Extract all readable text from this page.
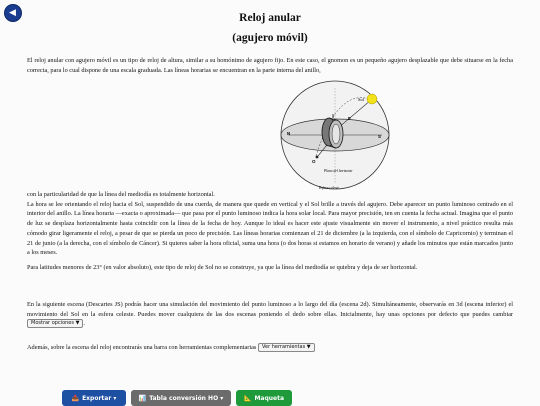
◀	Reloj anular
(agujero móvil)

El reloj anular con agujero móvil es un tipo de reloj de altura, similar a su homónimo de agujero fijo. En este caso, el gnomon es un pequeño agujero desplazable que debe situarse en la fecha correcta, para lo cual dispone de una escala graduada. Las líneas horarias se encuentran en la parte interna del anillo,

Sol
E
N
S
O
Plano del horizonte
Esfera celeste

con la particularidad de que la línea del mediodía es totalmente horizontal.
La hora se lee orientando el reloj hacia el Sol, suspendido de una cuerda, de manera que quede en vertical y el Sol brille a través del agujero. Debe aparecer un punto luminoso centrado en el interior del anillo. La línea horaria —exacta o aproximada— que pasa por el punto luminoso indica la hora solar local. Para mayor precisión, ten en cuenta la fecha actual. Imagina que el punto de luz se desplaza horizontalmente hasta coincidir con la línea de la fecha de hoy. Aunque lo ideal es hacer este ajuste visualmente sin mover el instrumento, a nivel práctico resulta más cómodo girar ligeramente el reloj, a pesar de que se pierda un poco de precisión. Las líneas horarias comienzan el 21 de diciembre (a la izquierda, con el símbolo de Capricornio) y terminan el 21 de junio (a la derecha, con el símbolo de Cáncer). Si quieres saber la hora oficial, suma una hora (o dos horas si estamos en horario de verano) y añade los minutos que están marcados junto a los meses.

Para latitudes menores de 23° (en valor absoluto), este tipo de reloj de Sol no se construye, ya que la línea del mediodía se quiebra y deja de ser horizontal.

En la siguiente escena (Descartes JS) podrás hacer una simulación del movimiento del punto luminoso a lo largo del día (escena 2d). Simultáneamente, observarás en 3d (escena inferior) el movimiento del Sol en la esfera celeste. Puedes mover cualquiera de las dos escenas poniendo el dedo sobre ellas. Inicialmente, hay unas opciones por defecto que puedes cambiar Mostrar opciones ▼ .

Además, sobre la escena del reloj encontrarás una barra con herramientas complementarias Ver herramientas ▼

📥 Exportar ▾	📊 Tabla conversión HO ▾	📐 Maqueta
